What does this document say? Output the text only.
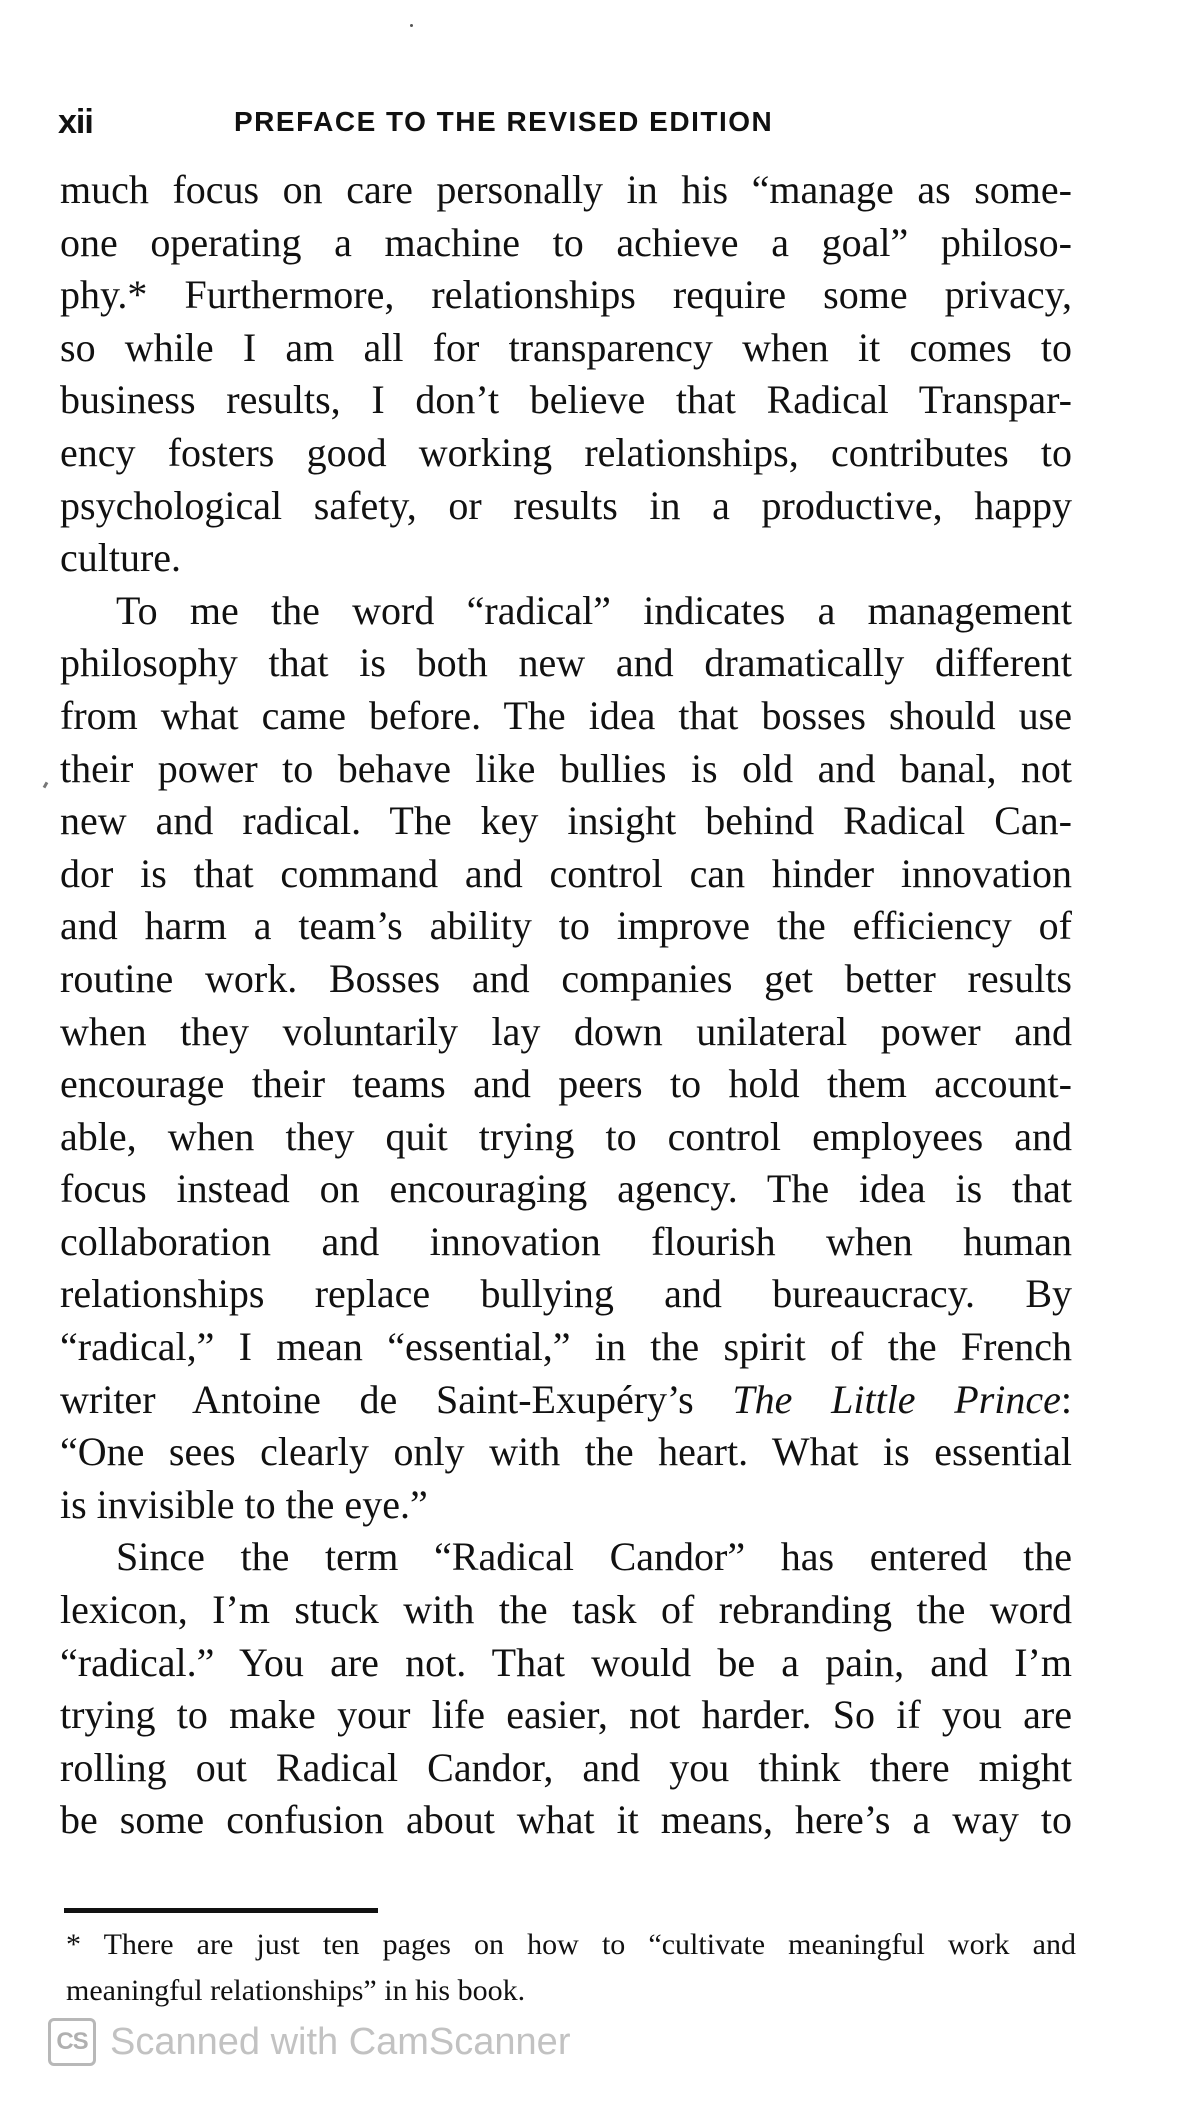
xii	PREFACE TO THE REVISED EDITION
much focus on care personally in his “manage as some-
one operating a machine to achieve a goal” philoso-
phy.* Furthermore, relationships require some privacy,
so while I am all for transparency when it comes to
business results, I don’t believe that Radical Transpar-
ency fosters good working relationships, contributes to
psychological safety, or results in a productive, happy
culture.
To me the word “radical” indicates a management
philosophy that is both new and dramatically different
from what came before. The idea that bosses should use
their power to behave like bullies is old and banal, not
new and radical. The key insight behind Radical Can-
dor is that command and control can hinder innovation
and harm a team’s ability to improve the efficiency of
routine work. Bosses and companies get better results
when they voluntarily lay down unilateral power and
encourage their teams and peers to hold them account-
able, when they quit trying to control employees and
focus instead on encouraging agency. The idea is that
collaboration and innovation flourish when human
relationships replace bullying and bureaucracy. By
“radical,” I mean “essential,” in the spirit of the French
writer Antoine de Saint-Exupéry’s The Little Prince:
“One sees clearly only with the heart. What is essential
is invisible to the eye.”
Since the term “Radical Candor” has entered the
lexicon, I’m stuck with the task of rebranding the word
“radical.” You are not. That would be a pain, and I’m
trying to make your life easier, not harder. So if you are
rolling out Radical Candor, and you think there might
be some confusion about what it means, here’s a way to
* There are just ten pages on how to “cultivate meaningful work and
meaningful relationships” in his book.
CS Scanned with CamScanner
